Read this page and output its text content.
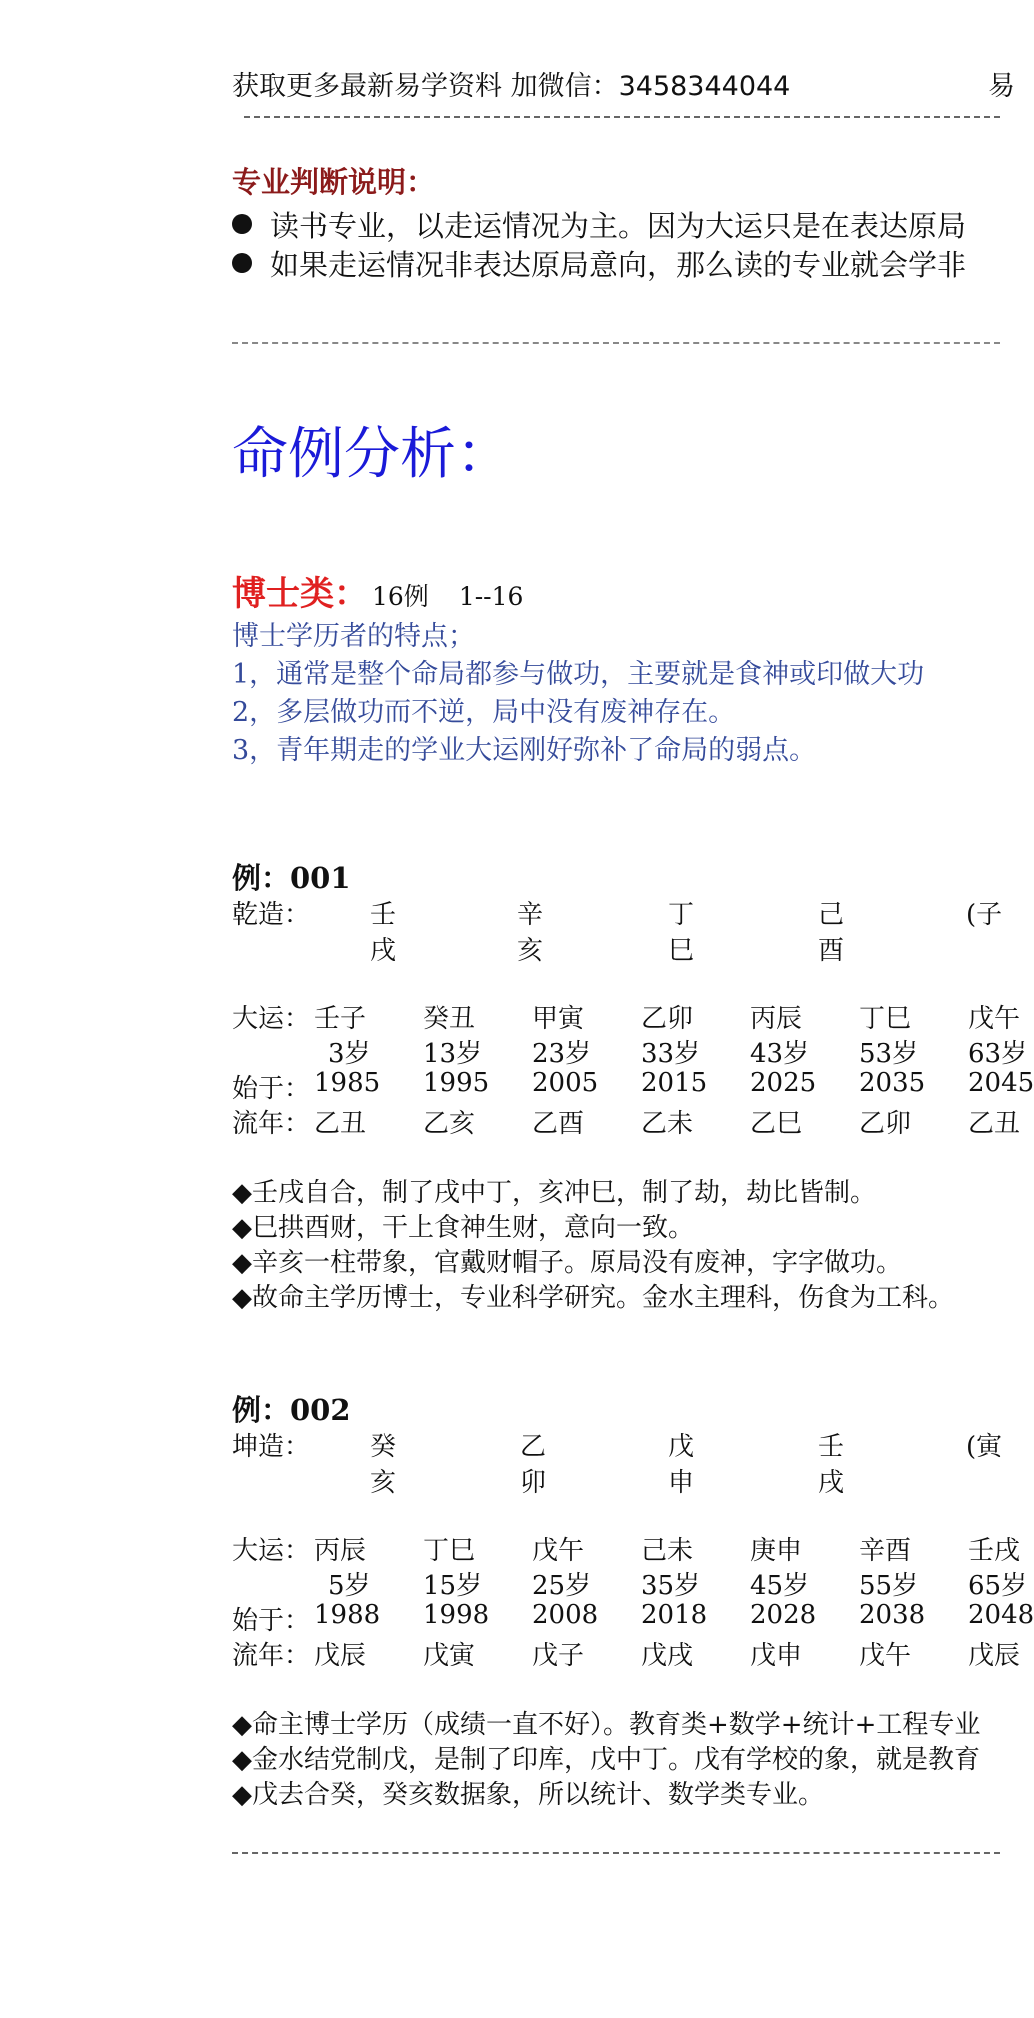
获取更多最新易学资料 加微信：3458344044	易
专业判断说明：
读书专业，以走运情况为主。因为大运只是在表达原局
如果走运情况非表达原局意向，那么读的专业就会学非
命例分析：
博士类： 16例 1--16
博士学历者的特点；
1，通常是整个命局都参与做功，主要就是食神或印做大功
2，多层做功而不逆，局中没有废神存在。
3，青年期走的学业大运刚好弥补了命局的弱点。
例：001
乾造： 壬	辛	丁	己	(子
戌	亥	巳	酉
大运： 壬子 癸丑 甲寅 乙卯 丙辰 丁巳 戊午
3岁 13岁 23岁 33岁 43岁 53岁 63岁
始于： 1985 1995 2005 2015 2025 2035 2045
流年： 乙丑 乙亥 乙酉 乙未 乙巳 乙卯 乙丑
◆壬戌自合，制了戌中丁，亥冲巳，制了劫，劫比皆制。
◆巳拱酉财，干上食神生财，意向一致。
◆辛亥一柱带象，官戴财帽子。原局没有废神，字字做功。
◆故命主学历博士，专业科学研究。金水主理科，伤食为工科。
例：002
坤造： 癸	乙	戊	壬	(寅
亥	卯	申	戌
大运： 丙辰 丁巳 戊午 己未 庚申 辛酉 壬戌
5岁 15岁 25岁 35岁 45岁 55岁 65岁
始于： 1988 1998 2008 2018 2028 2038 2048
流年： 戊辰 戊寅 戊子 戊戌 戊申 戊午 戊辰
◆命主博士学历（成绩一直不好）。教育类+数学+统计+工程专业
◆金水结党制戊，是制了印库，戊中丁。戊有学校的象，就是教育
◆戊去合癸，癸亥数据象，所以统计、数学类专业。
